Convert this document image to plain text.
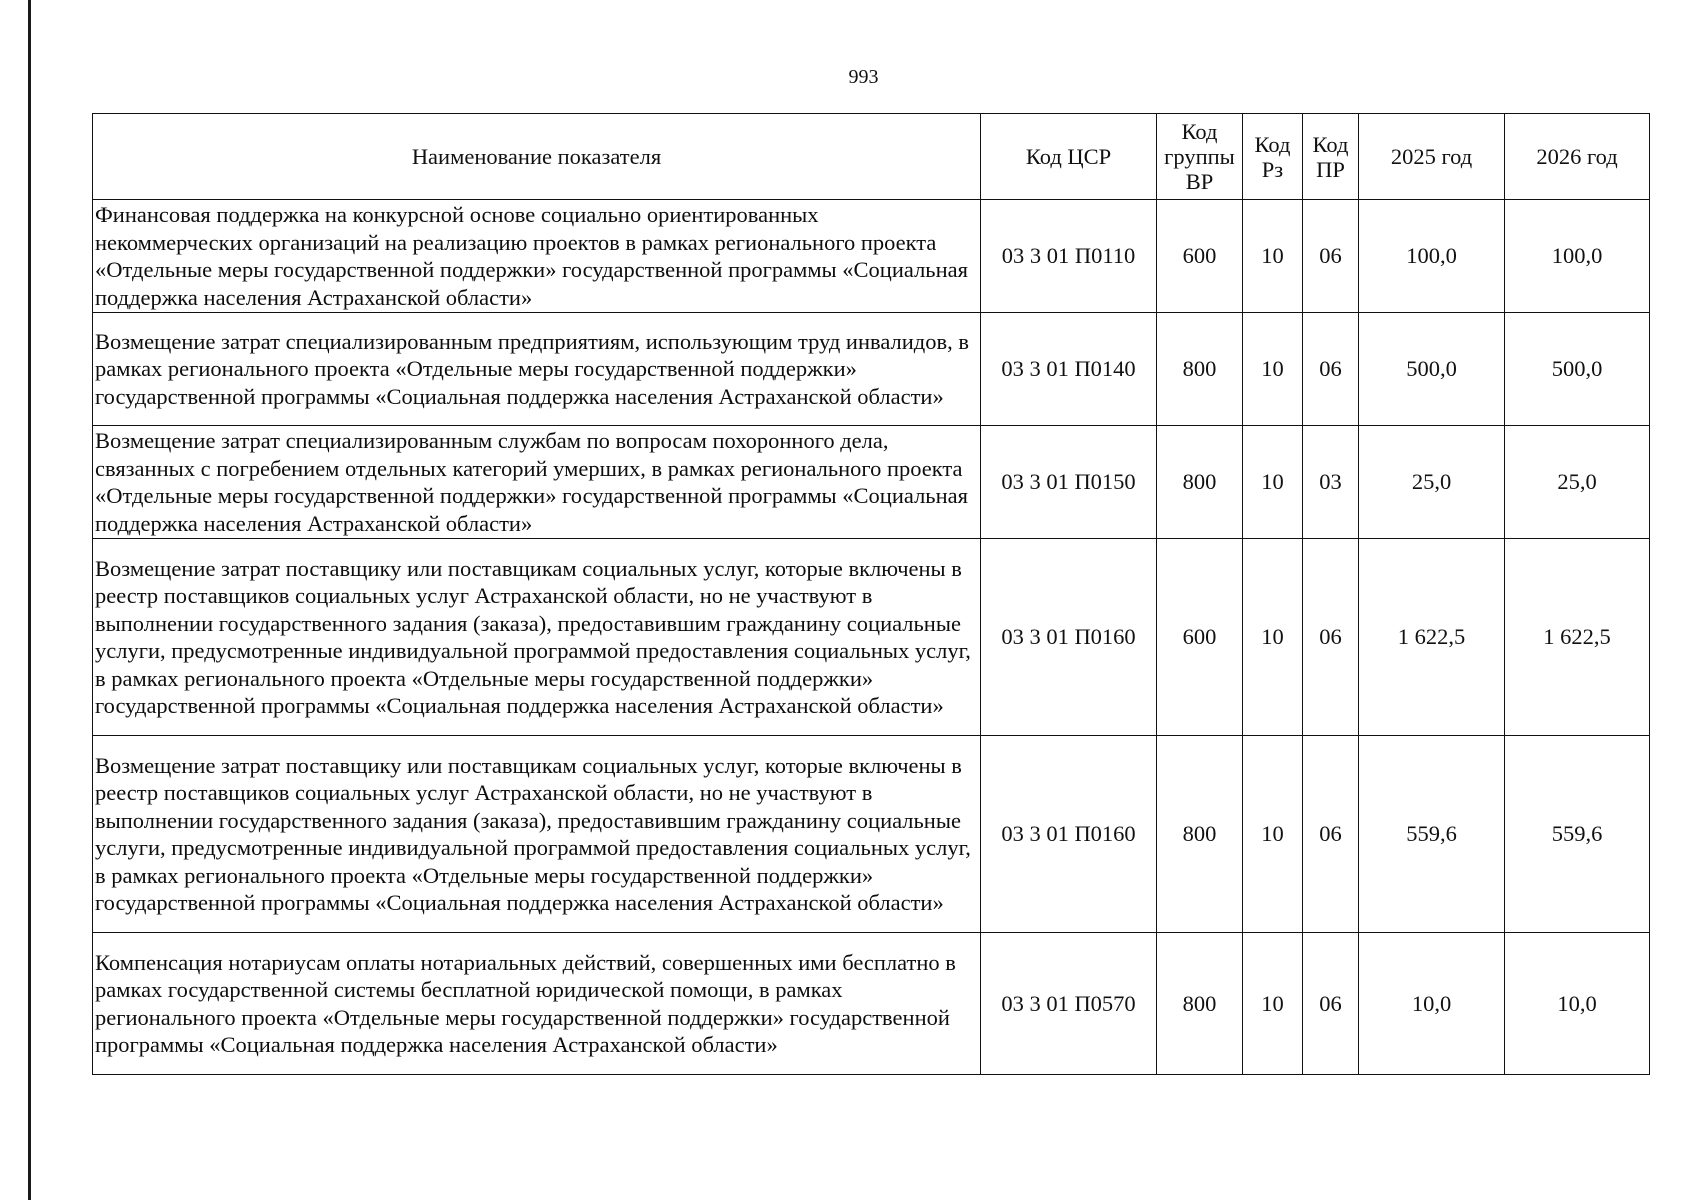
993
Наименование показателя	Код ЦСР	Код группы ВР	Код Рз	Код ПР	2025 год	2026 год
Финансовая поддержка на конкурсной основе социально ориентированных некоммерческих организаций на реализацию проектов в рамках регионального проекта «Отдельные меры государственной поддержки» государственной программы «Социальная поддержка населения Астраханской области»	03 3 01 П0110	600	10	06	100,0	100,0
Возмещение затрат специализированным предприятиям, использующим труд инвалидов, в рамках регионального проекта «Отдельные меры государственной поддержки» государственной программы «Социальная поддержка населения Астраханской области»	03 3 01 П0140	800	10	06	500,0	500,0
Возмещение затрат специализированным службам по вопросам похоронного дела, связанных с погребением отдельных категорий умерших, в рамках регионального проекта «Отдельные меры государственной поддержки» государственной программы «Социальная поддержка населения Астраханской области»	03 3 01 П0150	800	10	03	25,0	25,0
Возмещение затрат поставщику или поставщикам социальных услуг, которые включены в реестр поставщиков социальных услуг Астраханской области, но не участвуют в выполнении государственного задания (заказа), предоставившим гражданину социальные услуги, предусмотренные индивидуальной программой предоставления социальных услуг, в рамках регионального проекта «Отдельные меры государственной поддержки» государственной программы «Социальная поддержка населения Астраханской области»	03 3 01 П0160	600	10	06	1 622,5	1 622,5
Возмещение затрат поставщику или поставщикам социальных услуг, которые включены в реестр поставщиков социальных услуг Астраханской области, но не участвуют в выполнении государственного задания (заказа), предоставившим гражданину социальные услуги, предусмотренные индивидуальной программой предоставления социальных услуг, в рамках регионального проекта «Отдельные меры государственной поддержки» государственной программы «Социальная поддержка населения Астраханской области»	03 3 01 П0160	800	10	06	559,6	559,6
Компенсация нотариусам оплаты нотариальных действий, совершенных ими бесплатно в рамках государственной системы бесплатной юридической помощи, в рамках регионального проекта «Отдельные меры государственной поддержки» государственной программы «Социальная поддержка населения Астраханской области»	03 3 01 П0570	800	10	06	10,0	10,0
